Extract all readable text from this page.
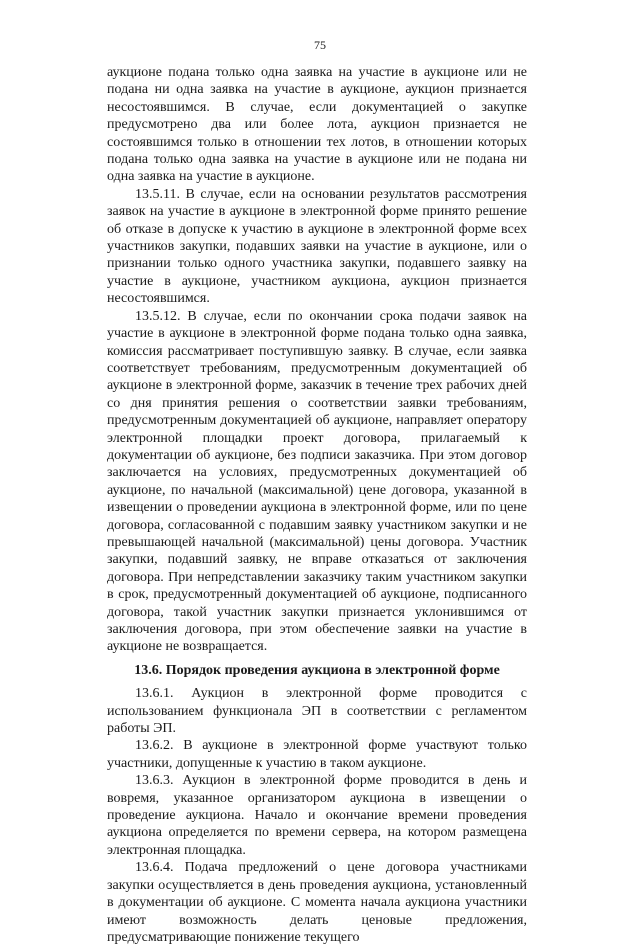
75

аукционе подана только одна заявка на участие в аукционе или не подана ни одна заявка на участие в аукционе, аукцион признается несостоявшимся. В случае, если документацией о закупке предусмотрено два или более лота, аукцион признается не состоявшимся только в отношении тех лотов, в отношении которых подана только одна заявка на участие в аукционе или не подана ни одна заявка на участие в аукционе.

13.5.11. В случае, если на основании результатов рассмотрения заявок на участие в аукционе в электронной форме принято решение об отказе в допуске к участию в аукционе в электронной форме всех участников закупки, подавших заявки на участие в аукционе, или о признании только одного участника закупки, подавшего заявку на участие в аукционе, участником аукциона, аукцион признается несостоявшимся.

13.5.12. В случае, если по окончании срока подачи заявок на участие в аукционе в электронной форме подана только одна заявка, комиссия рассматривает поступившую заявку. В случае, если заявка соответствует требованиям, предусмотренным документацией об аукционе в электронной форме, заказчик в течение трех рабочих дней со дня принятия решения о соответствии заявки требованиям, предусмотренным документацией об аукционе, направляет оператору электронной площадки проект договора, прилагаемый к документации об аукционе, без подписи заказчика. При этом договор заключается на условиях, предусмотренных документацией об аукционе, по начальной (максимальной) цене договора, указанной в извещении о проведении аукциона в электронной форме, или по цене договора, согласованной с подавшим заявку участником закупки и не превышающей начальной (максимальной) цены договора. Участник закупки, подавший заявку, не вправе отказаться от заключения договора. При непредставлении заказчику таким участником закупки в срок, предусмотренный документацией об аукционе, подписанного договора, такой участник закупки признается уклонившимся от заключения договора, при этом обеспечение заявки на участие в аукционе не возвращается.

13.6. Порядок проведения аукциона в электронной форме

13.6.1. Аукцион в электронной форме проводится с использованием функционала ЭП в соответствии с регламентом работы ЭП.

13.6.2. В аукционе в электронной форме участвуют только участники, допущенные к участию в таком аукционе.

13.6.3. Аукцион в электронной форме проводится в день и вовремя, указанное организатором аукциона в извещении о проведение аукциона. Начало и окончание времени проведения аукциона определяется по времени сервера, на котором размещена электронная площадка.

13.6.4. Подача предложений о цене договора участниками закупки осуществляется в день проведения аукциона, установленный в документации об аукционе. С момента начала аукциона участники имеют возможность делать ценовые предложения, предусматривающие понижение текущего
